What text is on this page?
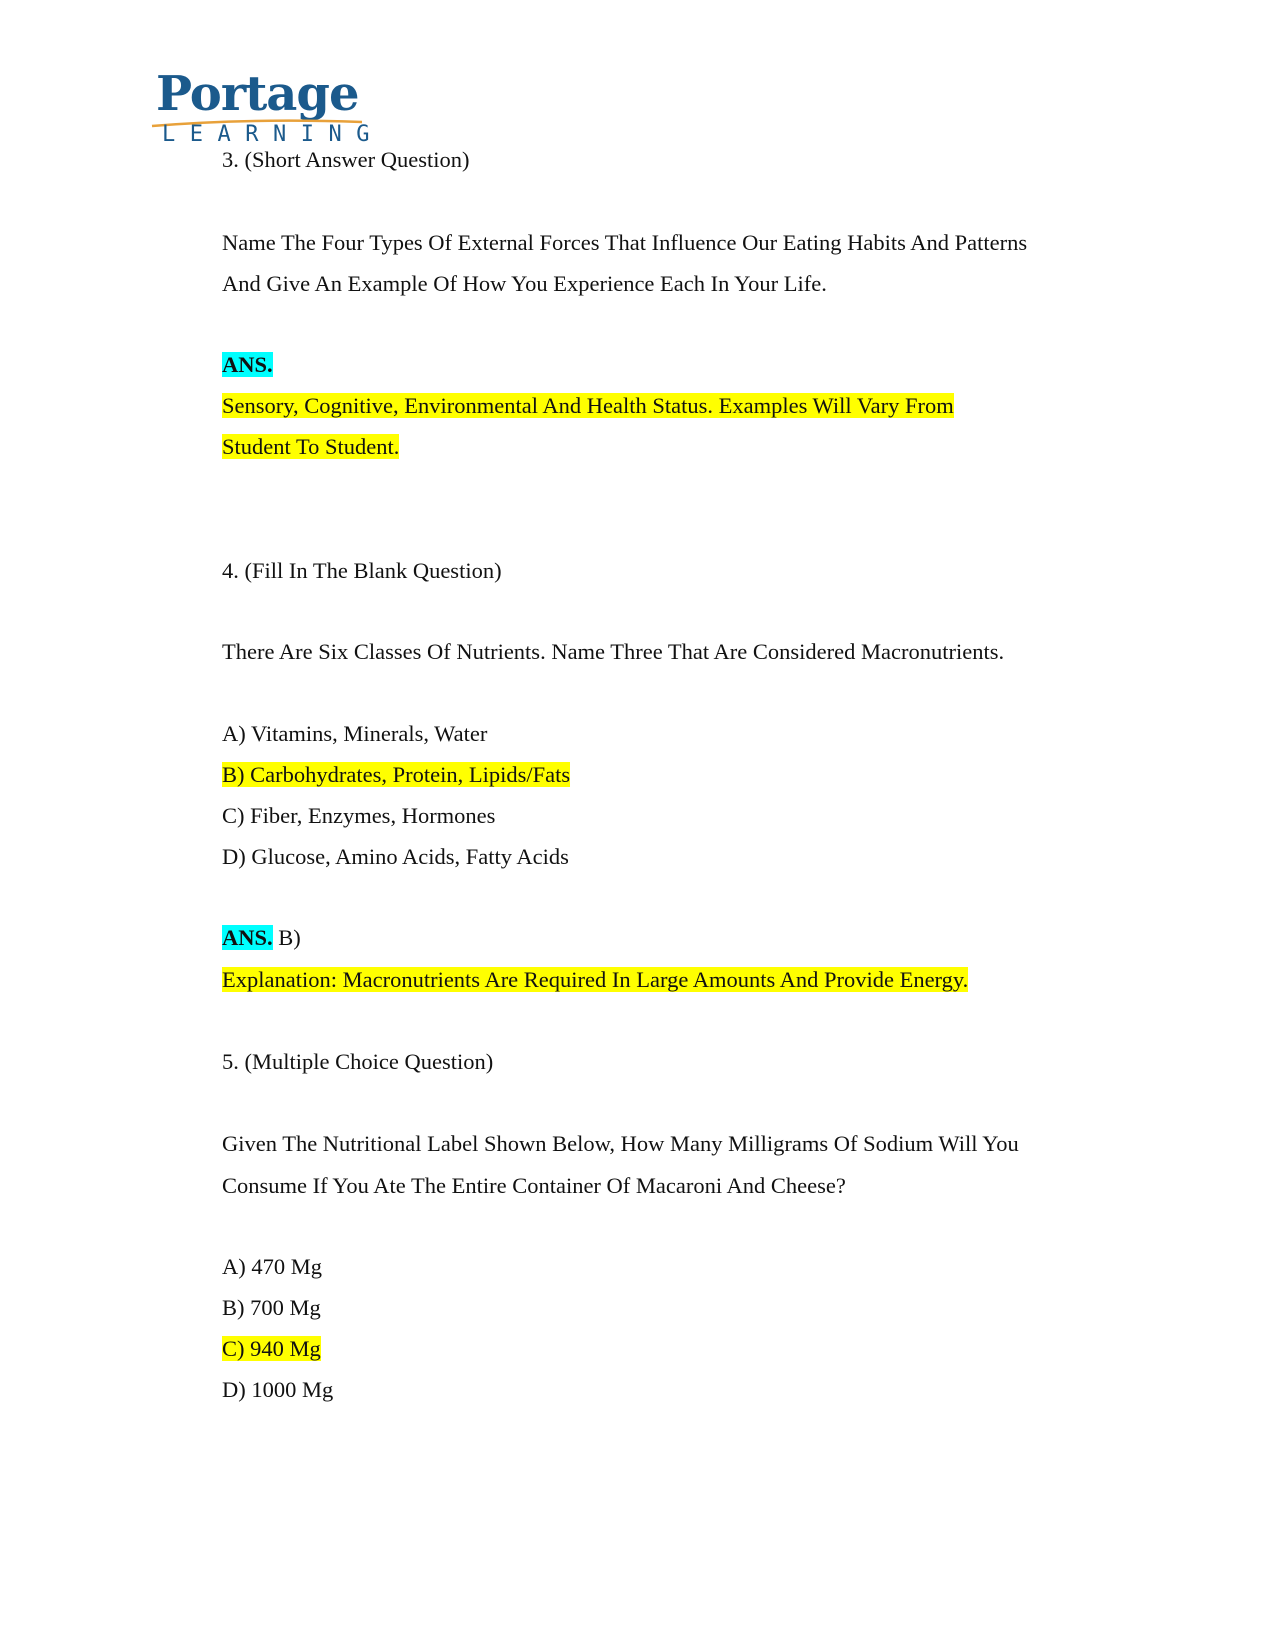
Portage
LEARNING
3. (Short Answer Question)
Name The Four Types Of External Forces That Influence Our Eating Habits And Patterns
And Give An Example Of How You Experience Each In Your Life.
ANS.
Sensory, Cognitive, Environmental And Health Status. Examples Will Vary From
Student To Student.
4. (Fill In The Blank Question)
There Are Six Classes Of Nutrients. Name Three That Are Considered Macronutrients.
A) Vitamins, Minerals, Water
B) Carbohydrates, Protein, Lipids/Fats
C) Fiber, Enzymes, Hormones
D) Glucose, Amino Acids, Fatty Acids
ANS. B)
Explanation: Macronutrients Are Required In Large Amounts And Provide Energy.
5. (Multiple Choice Question)
Given The Nutritional Label Shown Below, How Many Milligrams Of Sodium Will You
Consume If You Ate The Entire Container Of Macaroni And Cheese?
A) 470 Mg
B) 700 Mg
C) 940 Mg
D) 1000 Mg
